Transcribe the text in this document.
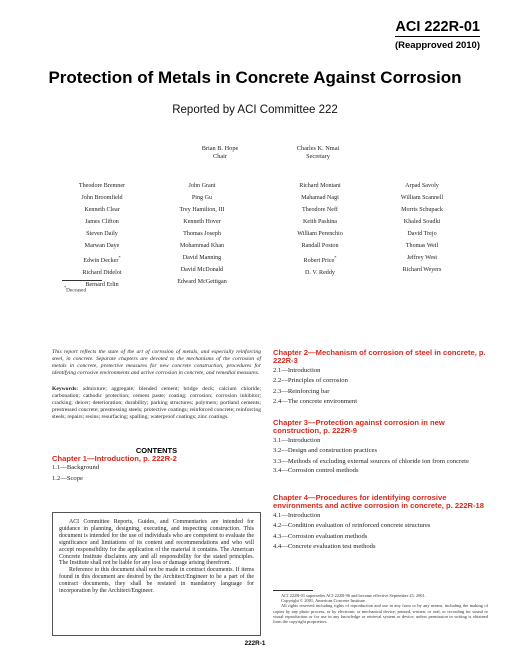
ACI 222R-01
(Reapproved 2010)
Protection of Metals in Concrete Against Corrosion
Reported by ACI Committee 222
Brian B. Hope
Chair
Charles K. Nmai
Secretary
Theodore Bremner
John Broomfield
Kenneth Clear
James Clifton
Steven Daily
Marwan Daye
Edwin Decker*
Richard Didelot
Bernard Erlin
John Grant
Ping Gu
Trey Hamilton, III
Kenneth Hover
Thomas Joseph
Mohammad Khan
David Manning
David McDonald
Edward McGettigan
Richard Montani
Mahamad Nagi
Theodore Neff
Keith Pashina
William Perenchio
Randall Poston
Robert Price*
D. V. Reddy
Arpad Savoly
William Scannell
Morris Schupack
Khaled Soudki
David Trejo
Thomas Weil
Jeffrey West
Richard Weyers
*Deceased
This report reflects the state of the art of corrosion of metals, and especially reinforcing steel, in concrete. Separate chapters are devoted to the mechanisms of the corrosion of metals in concrete, protective measures for new concrete construction, procedures for identifying corrosive environments and active corrosion in concrete, and remedial measures.
Keywords: admixture; aggregate; blended cement; bridge deck; calcium chloride; carbonation; cathodic protection; cement paste; coating; corrosion; corrosion inhibitor; cracking; deicer; deterioration; durability; parking structures; polymers; portland cements; prestressed concrete; prestressing steels; protective coatings; reinforced concrete; reinforcing steels; repairs; resins; resurfacing; spalling; waterproof coatings; zinc coatings.
CONTENTS
Chapter 1—Introduction, p. 222R-2
1.1—Background
1.2—Scope

ACI Committee Reports, Guides, and Commentaries are intended for guidance in planning, designing, executing, and inspecting construction. This document is intended for the use of individuals who are competent to evaluate the significance and limitations of its content and recommendations and who will accept responsibility for the application of the material it contains. The American Concrete Institute disclaims any and all responsibility for the stated principles. The Institute shall not be liable for any loss or damage arising therefrom.

Reference to this document shall not be made in contract documents. If items found in this document are desired by the Architect/Engineer to be a part of the contract documents, they shall be restated in mandatory language for incorporation by the Architect/Engineer.

Chapter 2—Mechanism of corrosion of steel in concrete, p. 222R-3
2.1—Introduction
2.2—Principles of corrosion
2.3—Reinforcing bar
2.4—The concrete environment
Chapter 3—Protection against corrosion in new construction, p. 222R-9
3.1—Introduction
3.2—Design and construction practices
3.3—Methods of excluding external sources of chloride ion from concrete
3.4—Corrosion control methods
Chapter 4—Procedures for identifying corrosive environments and active corrosion in concrete, p. 222R-18
4.1—Introduction
4.2—Condition evaluation of reinforced concrete structures
4.3—Corrosion evaluation methods
4.4—Concrete evaluation test methods

ACI 222R-01 supersedes ACI 222R-96 and became effective September 25, 2001.

Copyright © 2001, American Concrete Institute.

All rights reserved including rights of reproduction and use in any form or by any means, including the making of copies by any photo process, or by electronic or mechanical device, printed, written, or oral, or recording for sound or visual reproduction or for use in any knowledge or retrieval system or device, unless permission in writing is obtained from the copyright proprietors.

222R-1
